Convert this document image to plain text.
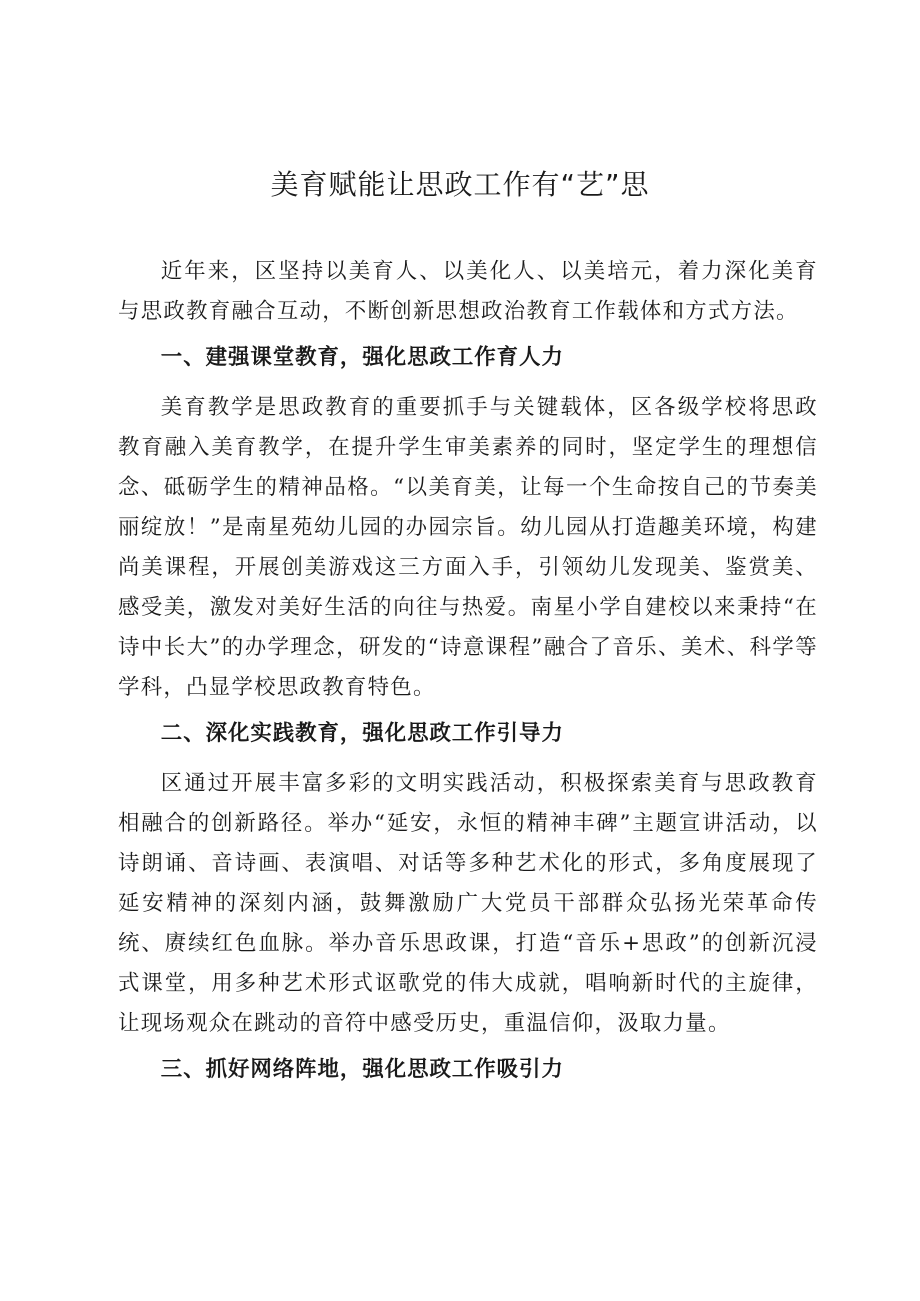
美育赋能让思政工作有“艺”思

近年来，区坚持以美育人、以美化人、以美培元，着力深化美育与思政教育融合互动，不断创新思想政治教育工作载体和方式方法。

一、建强课堂教育，强化思政工作育人力

美育教学是思政教育的重要抓手与关键载体，区各级学校将思政教育融入美育教学，在提升学生审美素养的同时，坚定学生的理想信念、砥砺学生的精神品格。“以美育美，让每一个生命按自己的节奏美丽绽放！”是南星苑幼儿园的办园宗旨。幼儿园从打造趣美环境，构建尚美课程，开展创美游戏这三方面入手，引领幼儿发现美、鉴赏美、感受美，激发对美好生活的向往与热爱。南星小学自建校以来秉持“在诗中长大”的办学理念，研发的“诗意课程”融合了音乐、美术、科学等学科，凸显学校思政教育特色。

二、深化实践教育，强化思政工作引导力

区通过开展丰富多彩的文明实践活动，积极探索美育与思政教育相融合的创新路径。举办“延安，永恒的精神丰碑”主题宣讲活动，以诗朗诵、音诗画、表演唱、对话等多种艺术化的形式，多角度展现了延安精神的深刻内涵，鼓舞激励广大党员干部群众弘扬光荣革命传统、赓续红色血脉。举办音乐思政课，打造“音乐+思政”的创新沉浸式课堂，用多种艺术形式讴歌党的伟大成就，唱响新时代的主旋律，让现场观众在跳动的音符中感受历史，重温信仰，汲取力量。

三、抓好网络阵地，强化思政工作吸引力
